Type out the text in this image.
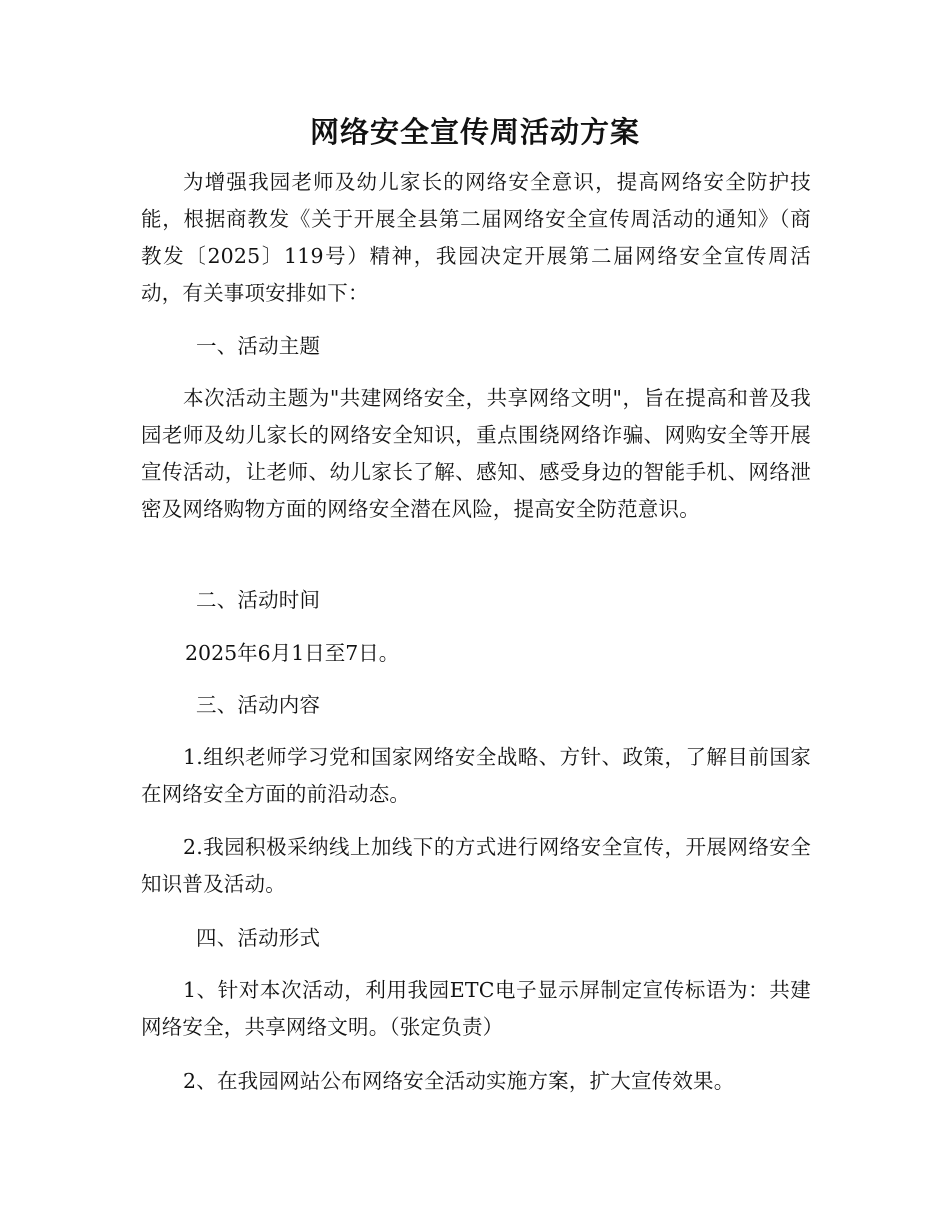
网络安全宣传周活动方案
为增强我园老师及幼儿家长的网络安全意识，提高网络安全防护技能，根据商教发《关于开展全县第二届网络安全宣传周活动的通知》（商教发〔2025〕119号）精神，我园决定开展第二届网络安全宣传周活动，有关事项安排如下：
一、活动主题
本次活动主题为"共建网络安全，共享网络文明"，旨在提高和普及我园老师及幼儿家长的网络安全知识，重点围绕网络诈骗、网购安全等开展宣传活动，让老师、幼儿家长了解、感知、感受身边的智能手机、网络泄密及网络购物方面的网络安全潜在风险，提高安全防范意识。
二、活动时间
2025年6月1日至7日。
三、活动内容
1.组织老师学习党和国家网络安全战略、方针、政策，了解目前国家在网络安全方面的前沿动态。
2.我园积极采纳线上加线下的方式进行网络安全宣传，开展网络安全知识普及活动。
四、活动形式
1、针对本次活动，利用我园ETC电子显示屏制定宣传标语为：共建网络安全，共享网络文明。（张定负责）
2、在我园网站公布网络安全活动实施方案，扩大宣传效果。
